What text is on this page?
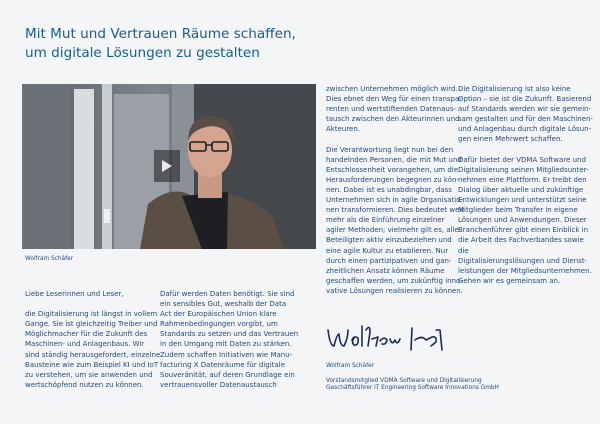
Mit Mut und Vertrauen Räume schaffen,
um digitale Lösungen zu gestalten
1
Wolfram Schäfer

Liebe Leserinnen und Leser,

die Digitalisierung ist längst in vollem
Gange. Sie ist gleichzeitig Treiber und
Möglichmacher für die Zukunft des
Maschinen- und Anlagenbaus. Wir
sind ständig herausgefordert, einzelne
Bausteine wie zum Beispiel KI und IoT
zu verstehen, um sie anwenden und
wertschöpfend nutzen zu können.

Dafür werden Daten benötigt. Sie sind
ein sensibles Gut, weshalb der Data
Act der Europäischen Union klare
Rahmenbedingungen vorgibt, um
Standards zu setzen und das Vertrauen
in den Umgang mit Daten zu stärken.
Zudem schaffen Initiativen wie Manu-
facturing X Datenräume für digitale
Souveränität, auf deren Grundlage ein
vertrauensvoller Datenaustausch

zwischen Unternehmen möglich wird.
Dies ebnet den Weg für einen transpa-
renten und wertstiftenden Datenaus-
tausch zwischen den Akteurinnen und
Akteuren.

Die Verantwortung liegt nun bei den
handelnden Personen, die mit Mut und
Entschlossenheit vorangehen, um die
Herausforderungen begegnen zu kön-
nen. Dabei ist es unabdingbar, dass
Unternehmen sich in agile Organisatio-
nen transformieren. Dies bedeutet weit
mehr als die Einführung einzelner
agiler Methoden; vielmehr gilt es, alle
Beteiligten aktiv einzubeziehen und
eine agile Kultur zu etablieren. Nur
durch einen partizipativen und gan-
zheitlichen Ansatz können Räume
geschaffen werden, um zukünftig inno-
vative Lösungen realisieren zu können.

Die Digitalisierung ist also keine
Option – sie ist die Zukunft. Basierend
auf Standards werden wir sie gemein-
sam gestalten und für den Maschinen-
und Anlagenbau durch digitale Lösun-
gen einen Mehrwert schaffen.

Dafür bietet der VDMA Software und
Digitalisierung seinen Mitgliedsunter-
nehmen eine Plattform. Er treibt den
Dialog über aktuelle und zukünftige
Entwicklungen und unterstützt seine
Mitglieder beim Transfer in eigene
Lösungen und Anwendungen. Dieser
Branchenführer gibt einen Einblick in
die Arbeit des Fachverbandes sowie die
Digitalisierungslösungen und Dienst-
leistungen der Mitgliedsunternehmen.
Gehen wir es gemeinsam an.

Wolfram Schäfer
Vorstandsmitglied VDMA Software und Digitalisierung
Geschäftsführer iT Engineering Software Innovations GmbH
